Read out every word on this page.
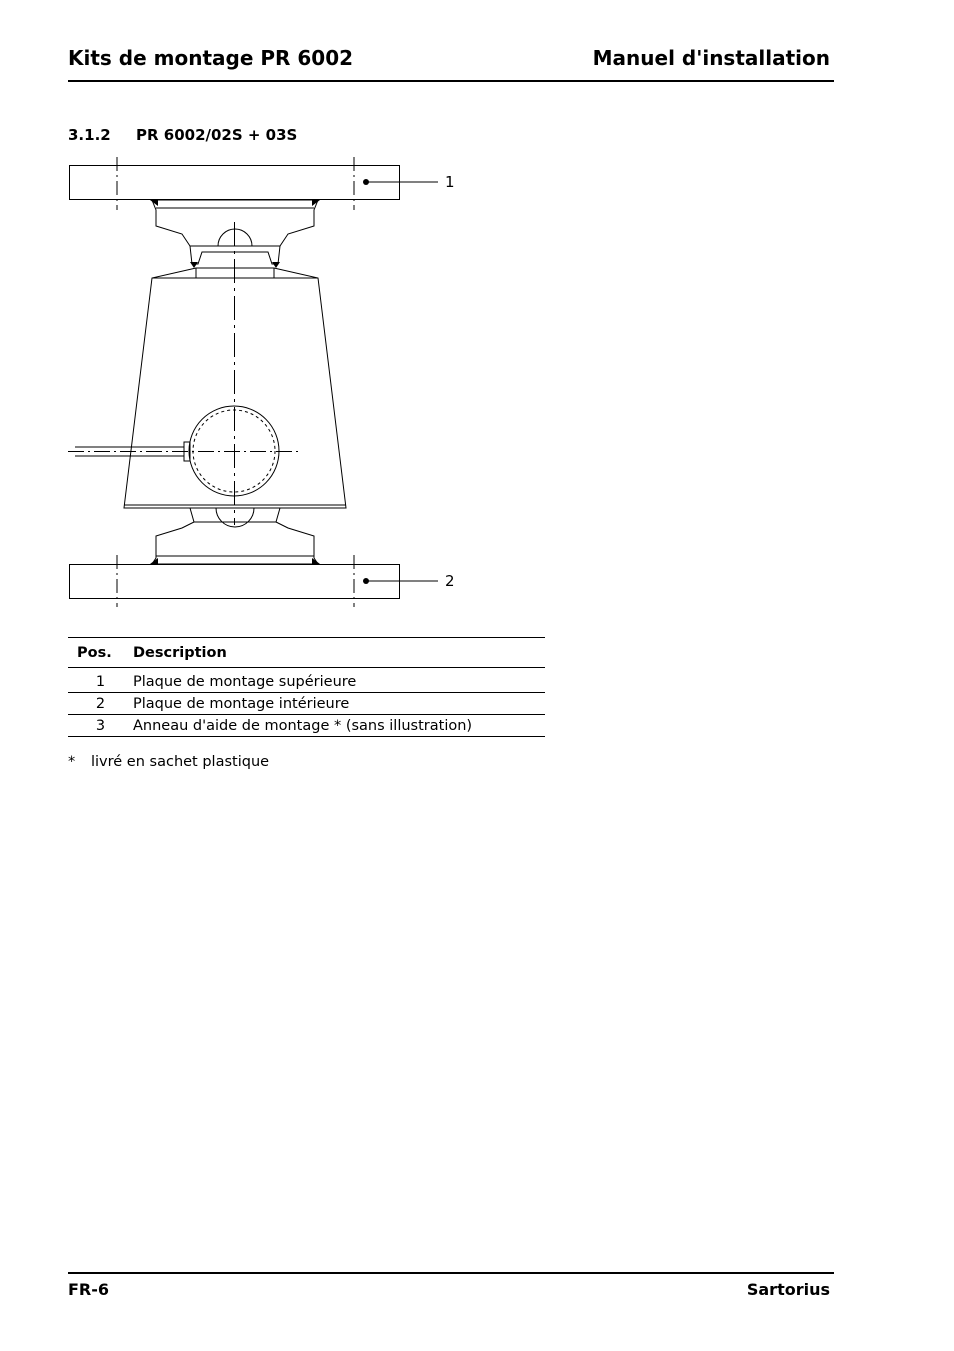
Kits de montage PR 6002	Manuel d'installation
3.1.2 PR 6002/02S + 03S
1
2
Pos.	Description
1	Plaque de montage supérieure
2	Plaque de montage intérieure
3	Anneau d'aide de montage * (sans illustration)
* livré en sachet plastique
FR-6	Sartorius
